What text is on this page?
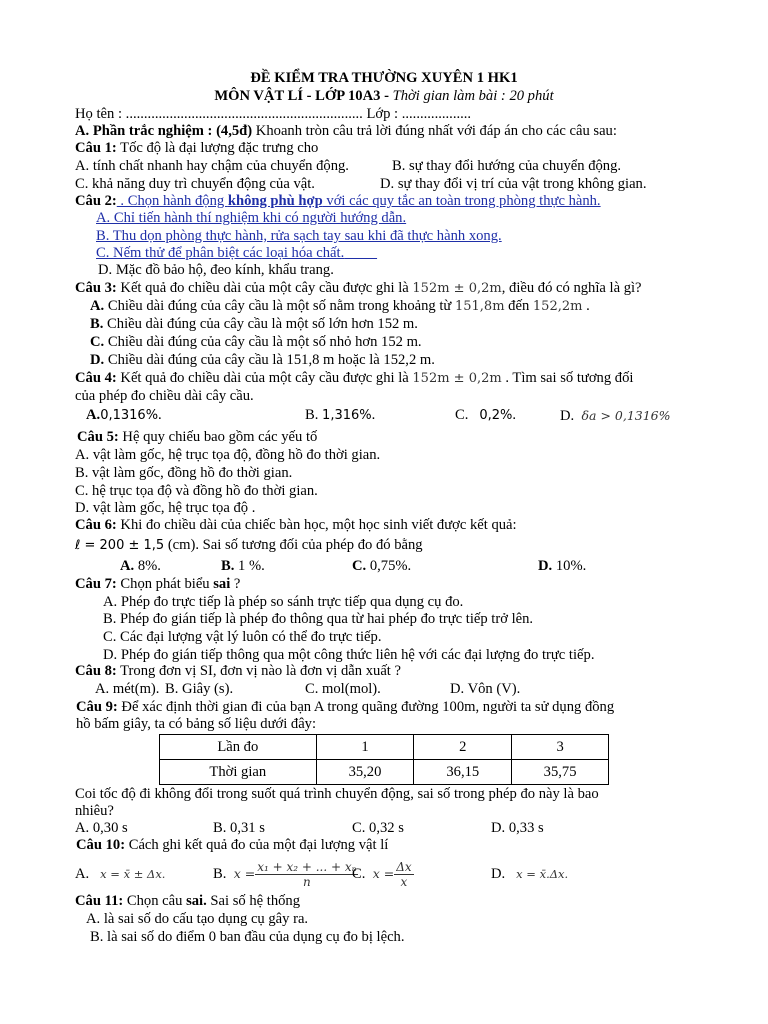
ĐỀ KIỂM TRA THƯỜNG XUYÊN 1 HK1
MÔN VẬT LÍ - LỚP 10A3 - Thời gian làm bài : 20 phút
Họ tên : ................................................................. Lớp : ...................
A. Phần trắc nghiệm : (4,5đ) Khoanh tròn câu trả lời đúng nhất với đáp án cho các câu sau:
Câu 1: Tốc độ là đại lượng đặc trưng cho
A. tính chất nhanh hay chậm của chuyển động.	B. sự thay đổi hướng của chuyển động.
C. khả năng duy trì chuyển động của vật.	D. sự thay đổi vị trí của vật trong không gian.
Câu 2: . Chọn hành động không phù hợp với các quy tắc an toàn trong phòng thực hành.
A. Chỉ tiến hành thí nghiệm khi có người hướng dẫn.
B. Thu dọn phòng thực hành, rửa sạch tay sau khi đã thực hành xong.
C. Nếm thử để phân biệt các loại hóa chất.
D. Mặc đồ bảo hộ, đeo kính, khẩu trang.
Câu 3: Kết quả đo chiều dài của một cây cầu được ghi là 152m ± 0,2m, điều đó có nghĩa là gì?
A. Chiều dài đúng của cây cầu là một số nằm trong khoảng từ 151,8m đến 152,2m .
B. Chiều dài đúng của cây cầu là một số lớn hơn 152 m.
C. Chiều dài đúng của cây cầu là một số nhỏ hơn 152 m.
D. Chiều dài đúng của cây cầu là 151,8 m hoặc là 152,2 m.
Câu 4: Kết quả đo chiều dài của một cây cầu được ghi là 152m ± 0,2m . Tìm sai số tương đối
của phép đo chiều dài cây cầu.
A.0,1316%.	B. 1,316%.	C. 0,2%.	D. δa > 0,1316%
Câu 5: Hệ quy chiếu bao gồm các yếu tố
A. vật làm gốc, hệ trục tọa độ, đồng hồ đo thời gian.
B. vật làm gốc, đồng hồ đo thời gian.
C. hệ trục tọa độ và đồng hồ đo thời gian.
D. vật làm gốc, hệ trục tọa độ .
Câu 6: Khi đo chiều dài của chiếc bàn học, một học sinh viết được kết quả:
ℓ = 200 ± 1,5 (cm). Sai số tương đối của phép đo đó bằng
A. 8%.	B. 1 %.	C. 0,75%.	D. 10%.
Câu 7: Chọn phát biểu sai ?
A. Phép đo trực tiếp là phép so sánh trực tiếp qua dụng cụ đo.
B. Phép đo gián tiếp là phép đo thông qua từ hai phép đo trực tiếp trở lên.
C. Các đại lượng vật lý luôn có thể đo trực tiếp.
D. Phép đo gián tiếp thông qua một công thức liên hệ với các đại lượng đo trực tiếp.
Câu 8: Trong đơn vị SI, đơn vị nào là đơn vị dẫn xuất ?
A. mét(m). B. Giây (s).	C. mol(mol).	D. Vôn (V).
Câu 9: Để xác định thời gian đi của bạn A trong quãng đường 100m, người ta sử dụng đồng
hồ bấm giây, ta có bảng số liệu dưới đây:
Lần đo	1	2	3
Thời gian	35,20	36,15	35,75
Coi tốc độ đi không đổi trong suốt quá trình chuyển động, sai số trong phép đo này là bao
nhiêu?
A. 0,30 s	B. 0,31 s	C. 0,32 s	D. 0,33 s
Câu 10: Cách ghi kết quả đo của một đại lượng vật lí
A. x = x̄ ± Δx.	B. $x = \frac{\text{x₁ + x₂ + ... + xₙ}}{n}$
C. $x = \frac{\Delta x}{x}$	D. x = x̄.Δx.
Câu 11: Chọn câu sai. Sai số hệ thống
A. là sai số do cấu tạo dụng cụ gây ra.
B. là sai số do điểm 0 ban đầu của dụng cụ đo bị lệch.
